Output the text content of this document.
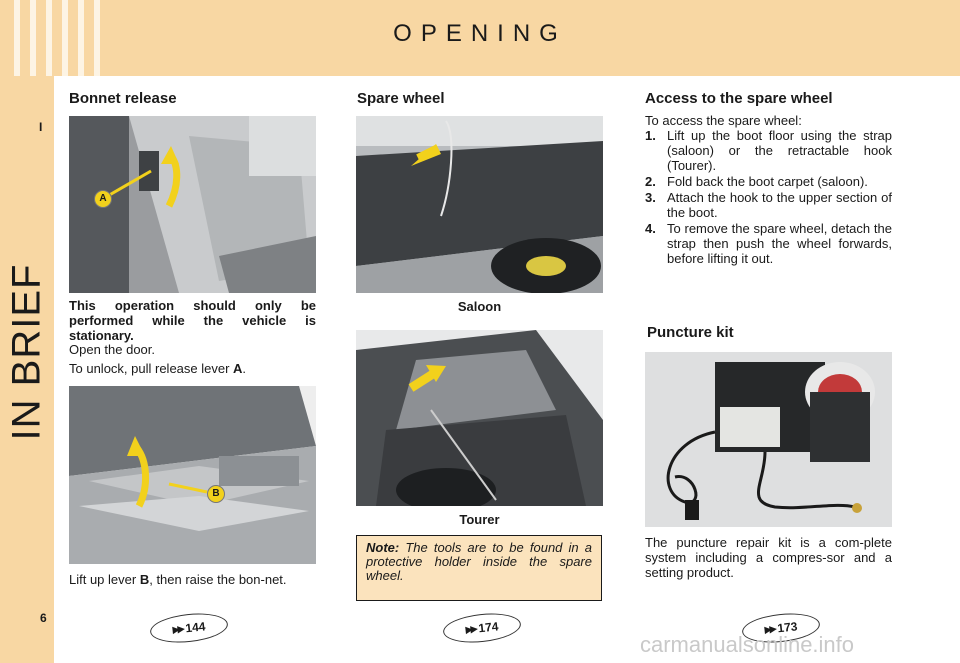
OPENING
I
IN BRIEF
6
Bonnet release
A
This operation should only be performed while the vehicle is stationary.
Open the door.
To unlock, pull release lever A.
B
Lift up lever B, then raise the bon-net.
▶▶ 144
Spare wheel
Saloon
Tourer
Note: The tools are to be found in a protective holder inside the spare wheel.
▶▶ 174
Access to the spare wheel
To access the spare wheel:
1. Lift up the boot floor using the strap (saloon) or the retractable hook (Tourer).
2. Fold back the boot carpet (saloon).
3. Attach the hook to the upper section of the boot.
4. To remove the spare wheel, detach the strap then push the wheel forwards, before lifting it out.
Puncture kit
The puncture repair kit is a com-plete system including a compres-sor and a setting product.
▶▶ 173
carmanualsonline.info
